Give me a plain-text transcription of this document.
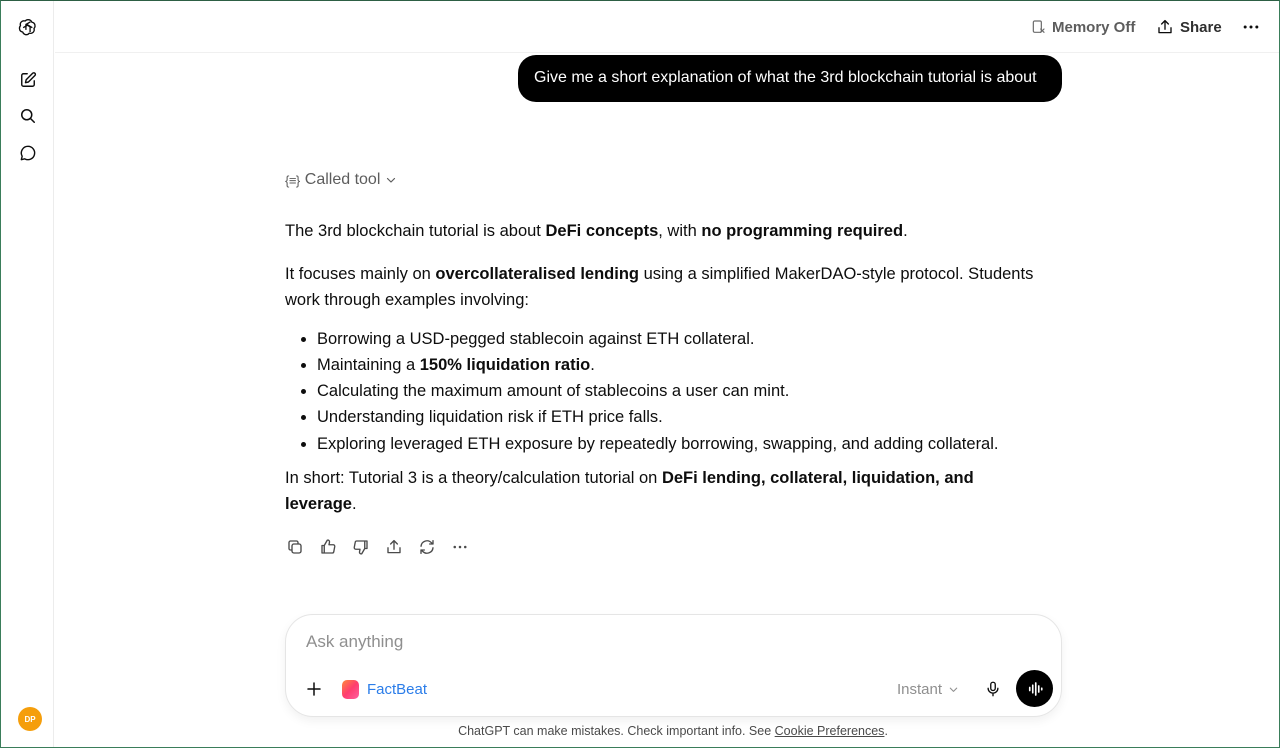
DP
Memory Off	Share
Give me a short explanation of what the 3rd blockchain tutorial is about
{≡} Called tool

The 3rd blockchain tutorial is about DeFi concepts, with no programming required.

It focuses mainly on overcollateralised lending using a simplified MakerDAO-style protocol. Students work through examples involving:

• Borrowing a USD-pegged stablecoin against ETH collateral.
• Maintaining a 150% liquidation ratio.
• Calculating the maximum amount of stablecoins a user can mint.
• Understanding liquidation risk if ETH price falls.
• Exploring leveraged ETH exposure by repeatedly borrowing, swapping, and adding collateral.

In short: Tutorial 3 is a theory/calculation tutorial on DeFi lending, collateral, liquidation, and leverage.

Ask anything
FactBeat	Instant
ChatGPT can make mistakes. Check important info. See Cookie Preferences.
